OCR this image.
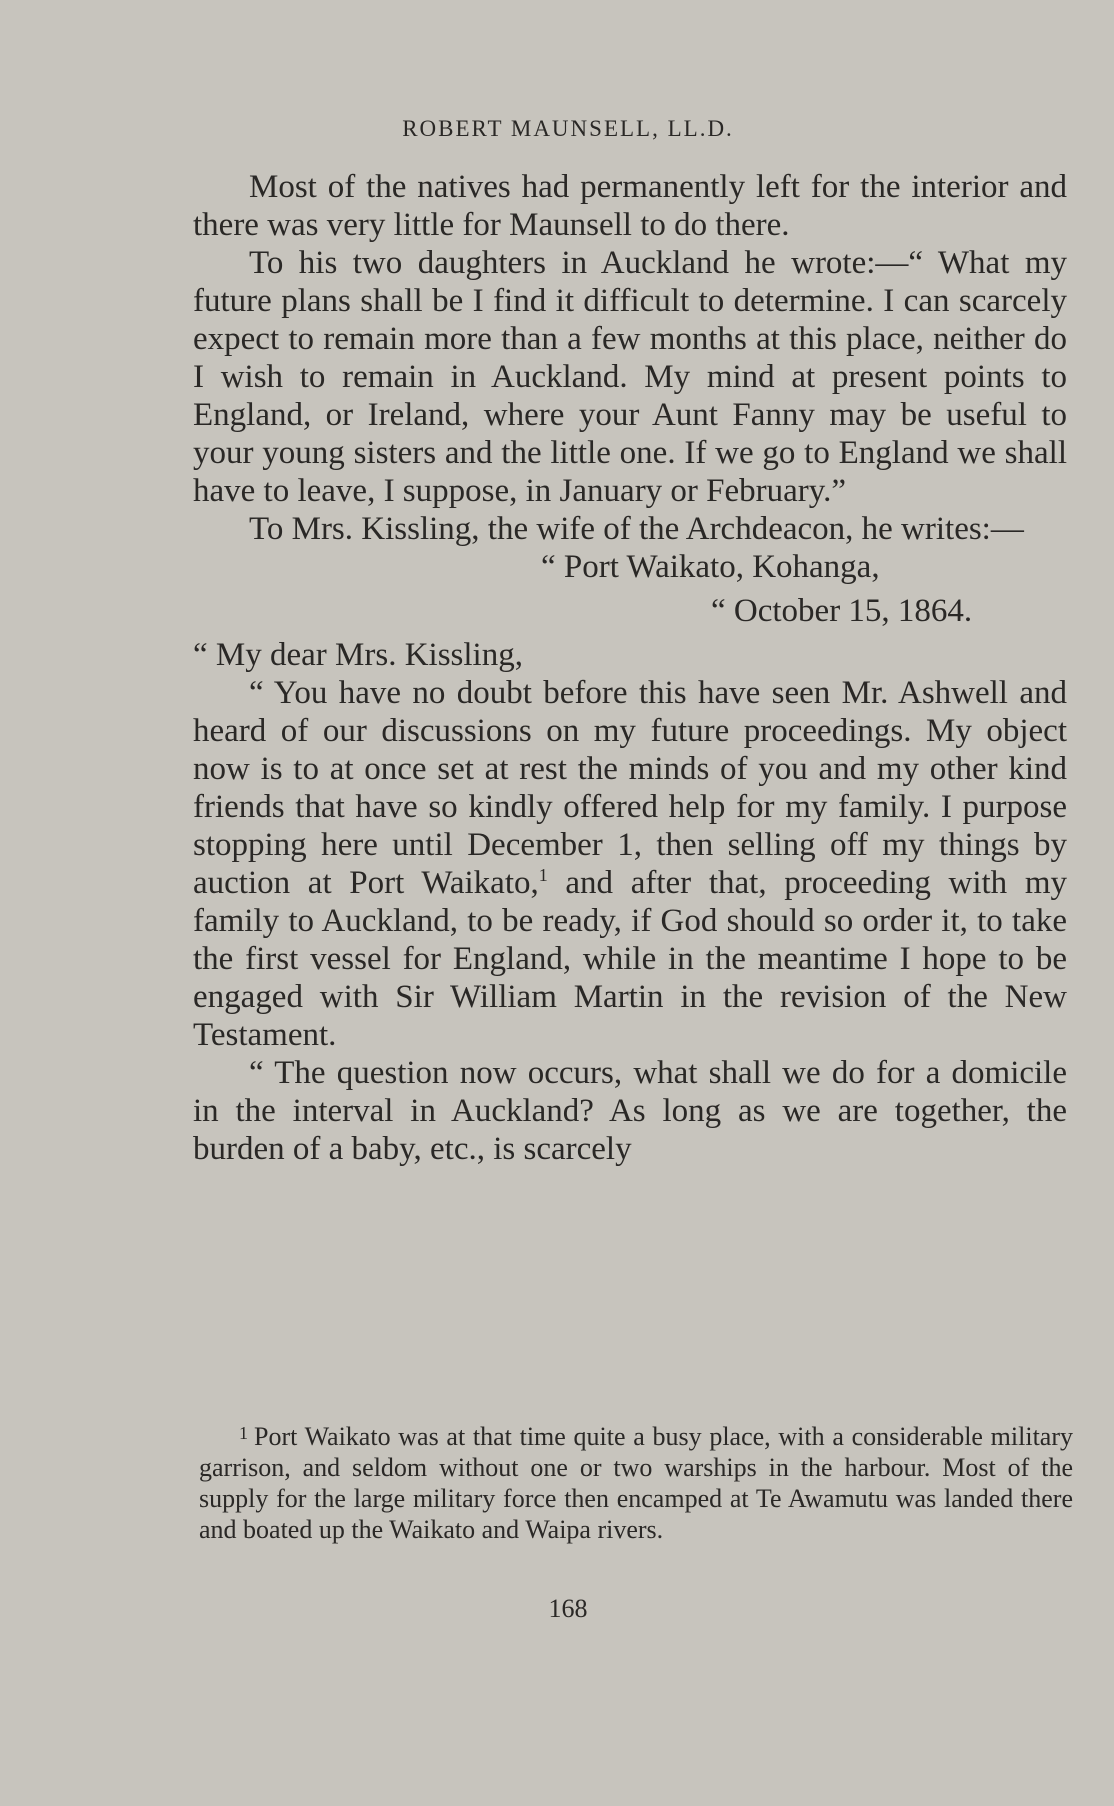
ROBERT MAUNSELL, LL.D.

Most of the natives had permanently left for the interior and there was very little for Maunsell to do there.

To his two daughters in Auckland he wrote:—“ What my future plans shall be I find it difficult to determine. I can scarcely expect to remain more than a few months at this place, neither do I wish to remain in Auckland. My mind at present points to England, or Ireland, where your Aunt Fanny may be useful to your young sisters and the little one. If we go to England we shall have to leave, I suppose, in January or February.”

To Mrs. Kissling, the wife of the Archdeacon, he writes:—

“ Port Waikato, Kohanga,

“ October 15, 1864.

“ My dear Mrs. Kissling,

“ You have no doubt before this have seen Mr. Ashwell and heard of our discussions on my future proceedings. My object now is to at once set at rest the minds of you and my other kind friends that have so kindly offered help for my family. I purpose stopping here until December 1, then selling off my things by auction at Port Waikato,$^1$ and after that, proceeding with my family to Auckland, to be ready, if God should so order it, to take the first vessel for England, while in the meantime I hope to be engaged with Sir William Martin in the revision of the New Testament.

“ The question now occurs, what shall we do for a domicile in the interval in Auckland? As long as we are together, the burden of a baby, etc., is scarcely

$^1$ Port Waikato was at that time quite a busy place, with a considerable military garrison, and seldom without one or two warships in the harbour. Most of the supply for the large military force then encamped at Te Awamutu was landed there and boated up the Waikato and Waipa rivers.

168
